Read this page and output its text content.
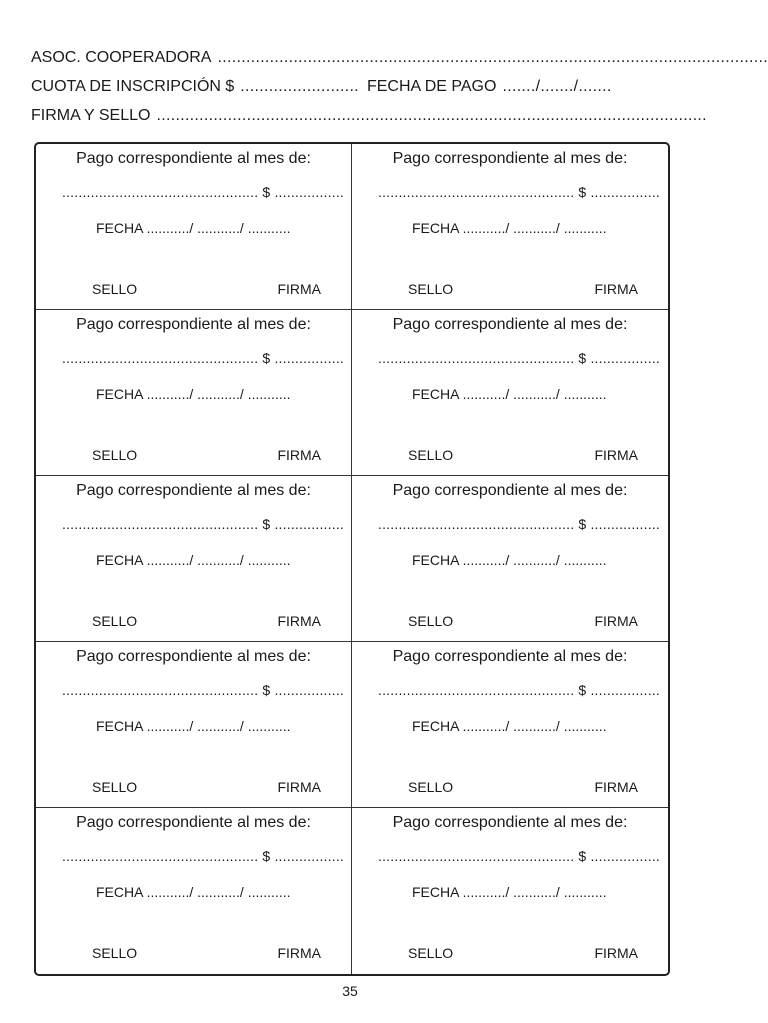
ASOC. COOPERADORA ....................................................................................................................
CUOTA DE INSCRIPCIÓN $ ......................... FECHA DE PAGO ......./......./.......
FIRMA Y SELLO ....................................................................................................................
Pago correspondiente al mes de:
................................................ $ .................
FECHA .........../ .........../ ...........
SELLO	FIRMA
Pago correspondiente al mes de:
................................................ $ .................
FECHA .........../ .........../ ...........
SELLO	FIRMA
Pago correspondiente al mes de:
................................................ $ .................
FECHA .........../ .........../ ...........
SELLO	FIRMA
Pago correspondiente al mes de:
................................................ $ .................
FECHA .........../ .........../ ...........
SELLO	FIRMA
Pago correspondiente al mes de:
................................................ $ .................
FECHA .........../ .........../ ...........
SELLO	FIRMA
Pago correspondiente al mes de:
................................................ $ .................
FECHA .........../ .........../ ...........
SELLO	FIRMA
Pago correspondiente al mes de:
................................................ $ .................
FECHA .........../ .........../ ...........
SELLO	FIRMA
Pago correspondiente al mes de:
................................................ $ .................
FECHA .........../ .........../ ...........
SELLO	FIRMA
Pago correspondiente al mes de:
................................................ $ .................
FECHA .........../ .........../ ...........
SELLO	FIRMA
Pago correspondiente al mes de:
................................................ $ .................
FECHA .........../ .........../ ...........
SELLO	FIRMA
35
